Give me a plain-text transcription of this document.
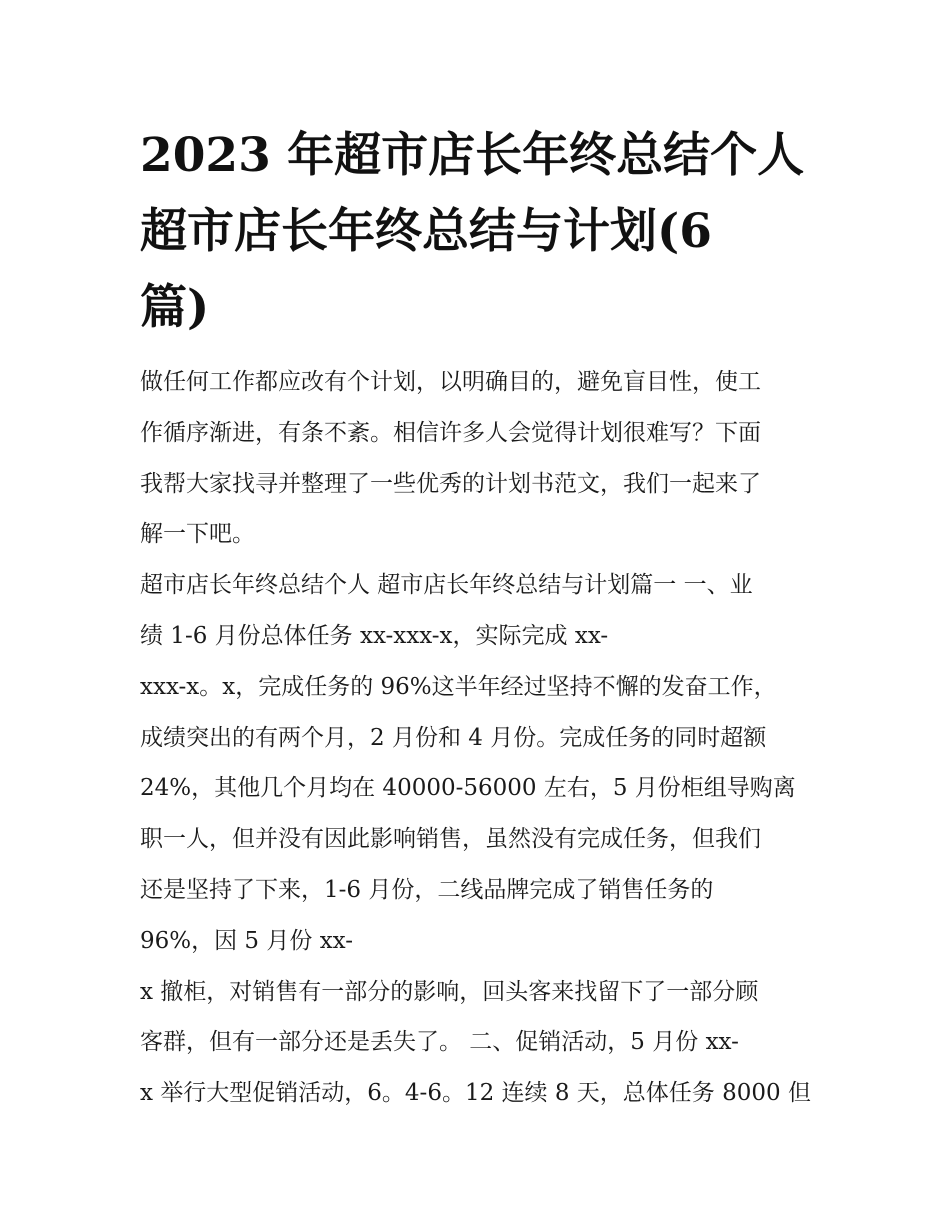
2023 年超市店长年终总结个人
超市店长年终总结与计划(6
篇)
做任何工作都应改有个计划，以明确目的，避免盲目性，使工
作循序渐进，有条不紊。相信许多人会觉得计划很难写？下面
我帮大家找寻并整理了一些优秀的计划书范文，我们一起来了
解一下吧。
超市店长年终总结个人 超市店长年终总结与计划篇一 一、业
绩 1-6 月份总体任务 xx-xxx-x，实际完成 xx-
xxx-x。x，完成任务的 96%这半年经过坚持不懈的发奋工作，
成绩突出的有两个月，2 月份和 4 月份。完成任务的同时超额
24%，其他几个月均在 40000-56000 左右，5 月份柜组导购离
职一人，但并没有因此影响销售，虽然没有完成任务，但我们
还是坚持了下来，1-6 月份，二线品牌完成了销售任务的
96%，因 5 月份 xx-
x 撤柜，对销售有一部分的影响，回头客来找留下了一部分顾
客群，但有一部分还是丢失了。 二、促销活动，5 月份 xx-
x 举行大型促销活动，6。4-6。12 连续 8 天，总体任务 8000 但
